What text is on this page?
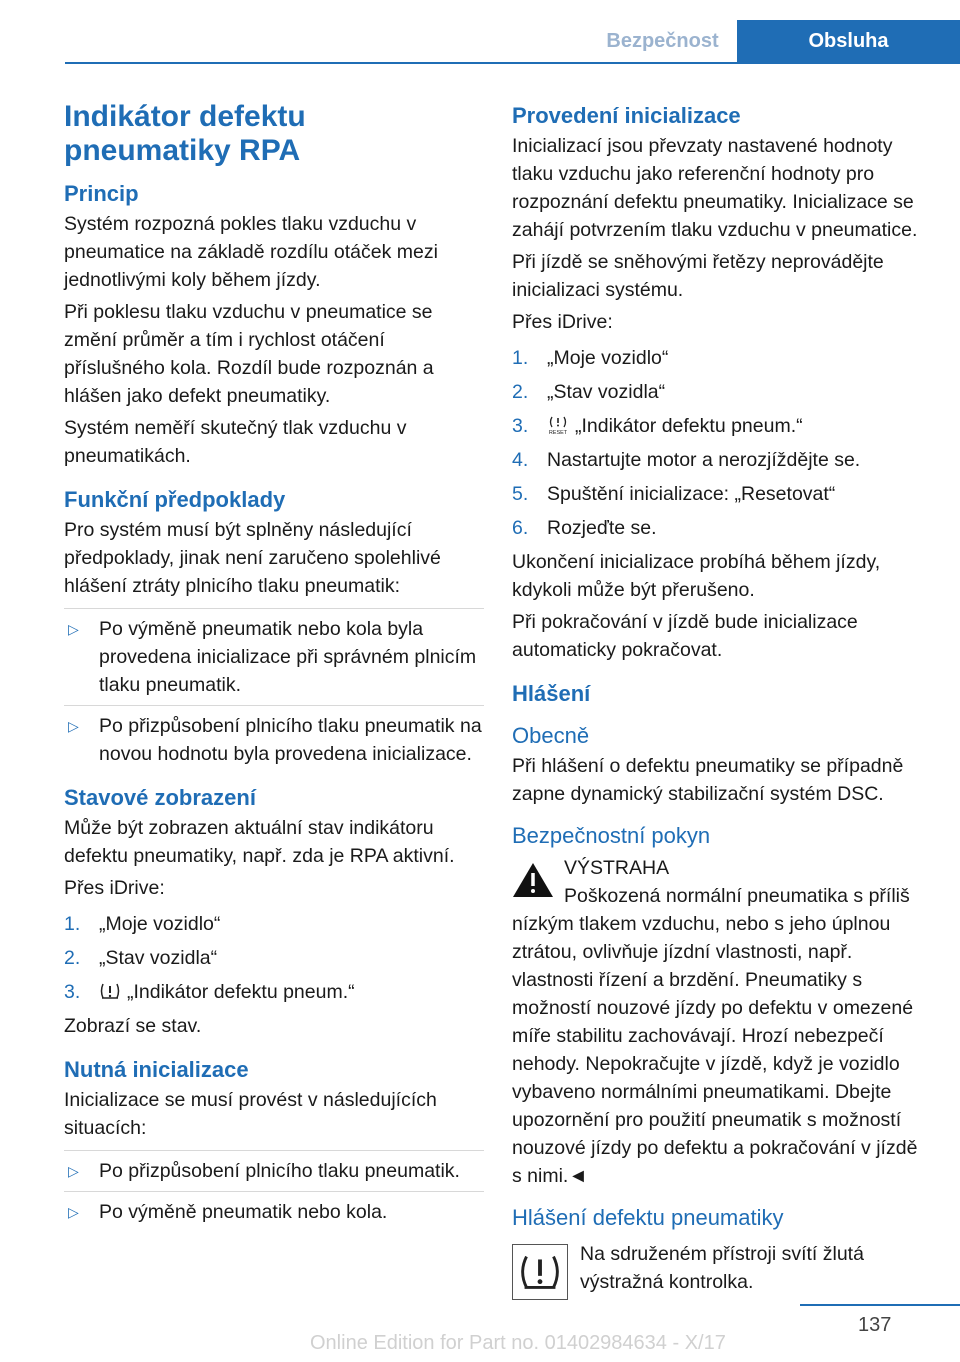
Bezpečnost	Obsluha
Indikátor defektu
pneumatiky RPA
Princip

Systém rozpozná pokles tlaku vzduchu v pneumatice na základě rozdílu otáček mezi jednotlivými koly během jízdy.

Při poklesu tlaku vzduchu v pneumatice se změní průměr a tím i rychlost otáčení příslušného kola. Rozdíl bude rozpoznán a hlášen jako defekt pneumatiky.

Systém neměří skutečný tlak vzduchu v pneumatikách.

Funkční předpoklady

Pro systém musí být splněny následující předpoklady, jinak není zaručeno spolehlivé hlášení ztráty plnicího tlaku pneumatik:

▷ Po výměně pneumatik nebo kola byla provedena inicializace při správném plnicím tlaku pneumatik.
▷ Po přizpůsobení plnicího tlaku pneumatik na novou hodnotu byla provedena inicializace.
Stavové zobrazení

Může být zobrazen aktuální stav indikátoru defektu pneumatiky, např. zda je RPA aktivní.

Přes iDrive:

1. „Moje vozidlo“
2. „Stav vozidla“
3. „Indikátor defektu pneum.“

Zobrazí se stav.

Nutná inicializace

Inicializace se musí provést v následujících situacích:

▷ Po přizpůsobení plnicího tlaku pneumatik.
▷ Po výměně pneumatik nebo kola.
Provedení inicializace

Inicializací jsou převzaty nastavené hodnoty tlaku vzduchu jako referenční hodnoty pro rozpoznání defektu pneumatiky. Inicializace se zahájí potvrzením tlaku vzduchu v pneumatice.

Při jízdě se sněhovými řetězy neprovádějte inicializaci systému.

Přes iDrive:

1. „Moje vozidlo“
2. „Stav vozidla“
3.	RESET „Indikátor defektu pneum.“
4. Nastartujte motor a nerozjíždějte se.
5. Spuštění inicializace: „Resetovat“
6. Rozjeďte se.

Ukončení inicializace probíhá během jízdy, kdykoli může být přerušeno.

Při pokračování v jízdě bude inicializace automaticky pokračovat.

Hlášení
Obecně

Při hlášení o defektu pneumatiky se případně zapne dynamický stabilizační systém DSC.

Bezpečnostní pokyn
VÝSTRAHA
Poškozená normální pneumatika s příliš nízkým tlakem vzduchu, nebo s jeho úplnou ztrátou, ovlivňuje jízdní vlastnosti, např. vlastnosti řízení a brzdění. Pneumatiky s možností nouzové jízdy po defektu v omezené míře stabilitu zachovávají. Hrozí nebezpečí nehody. Nepokračujte v jízdě, když je vozidlo vybaveno normálními pneumatikami. Dbejte upozornění pro použití pneumatik s možností nouzové jízdy po defektu a pokračování v jízdě s nimi.◄
Hlášení defektu pneumatiky
Na sdruženém přístroji svítí žlutá výstražná kontrolka.
137
Online Edition for Part no. 01402984634 - X/17
